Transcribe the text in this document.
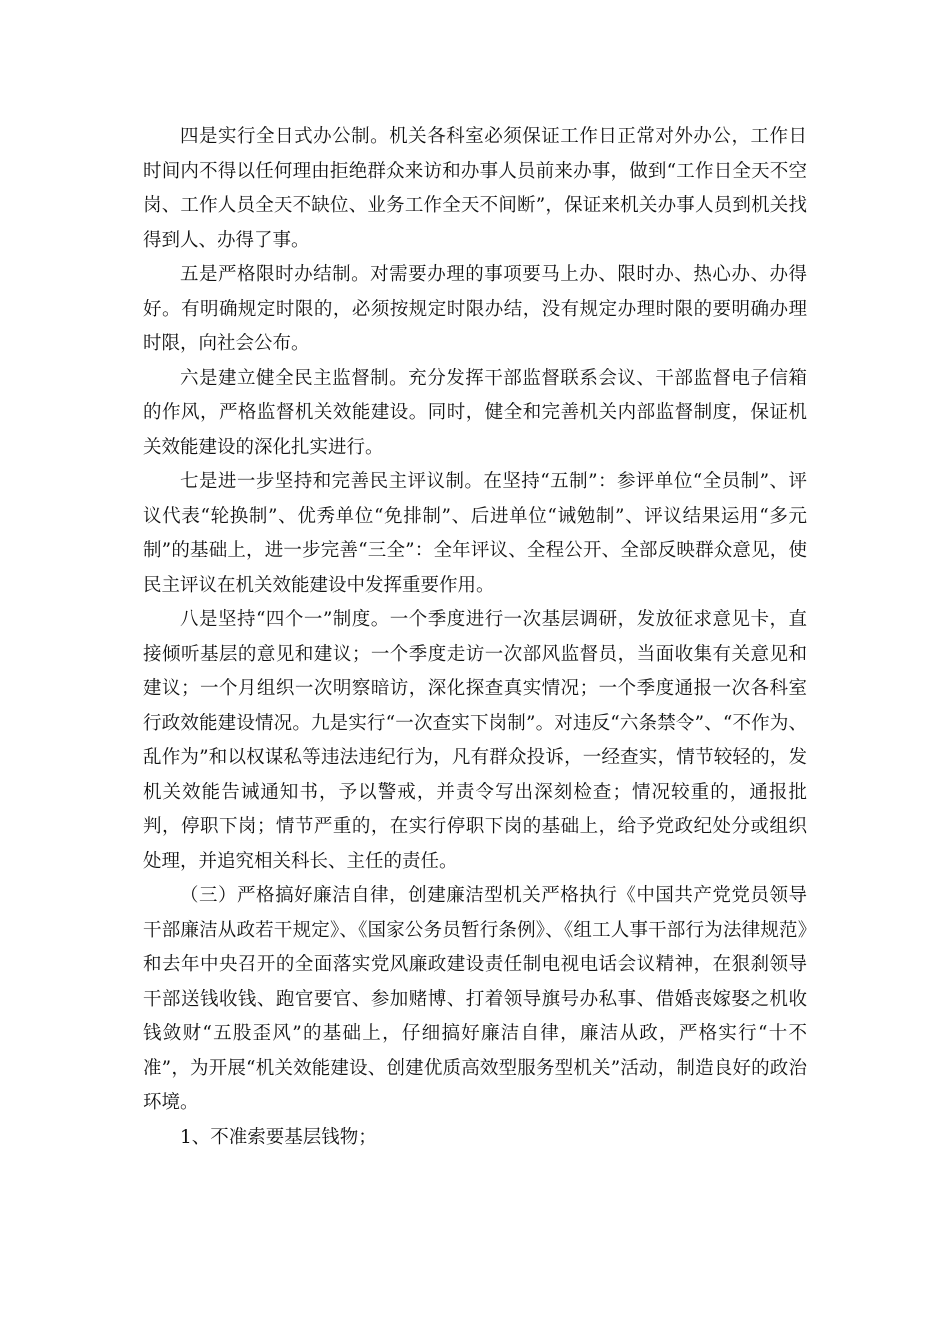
四是实行全日式办公制。机关各科室必须保证工作日正常对外办公，工作日时间内不得以任何理由拒绝群众来访和办事人员前来办事，做到“工作日全天不空岗、工作人员全天不缺位、业务工作全天不间断”，保证来机关办事人员到机关找得到人、办得了事。

五是严格限时办结制。对需要办理的事项要马上办、限时办、热心办、办得好。有明确规定时限的，必须按规定时限办结，没有规定办理时限的要明确办理时限，向社会公布。

六是建立健全民主监督制。充分发挥干部监督联系会议、干部监督电子信箱的作风，严格监督机关效能建设。同时，健全和完善机关内部监督制度，保证机关效能建设的深化扎实进行。

七是进一步坚持和完善民主评议制。在坚持“五制”：参评单位“全员制”、评议代表“轮换制”、优秀单位“免排制”、后进单位“诫勉制”、评议结果运用“多元制”的基础上，进一步完善“三全”：全年评议、全程公开、全部反映群众意见，使民主评议在机关效能建设中发挥重要作用。

八是坚持“四个一”制度。一个季度进行一次基层调研，发放征求意见卡，直接倾听基层的意见和建议；一个季度走访一次部风监督员，当面收集有关意见和建议；一个月组织一次明察暗访，深化探查真实情况；一个季度通报一次各科室行政效能建设情况。九是实行“一次查实下岗制”。对违反“六条禁令”、“不作为、乱作为”和以权谋私等违法违纪行为，凡有群众投诉，一经查实，情节较轻的，发机关效能告诫通知书，予以警戒，并责令写出深刻检查；情况较重的，通报批判，停职下岗；情节严重的，在实行停职下岗的基础上，给予党政纪处分或组织处理，并追究相关科长、主任的责任。

（三）严格搞好廉洁自律，创建廉洁型机关严格执行《中国共产党党员领导干部廉洁从政若干规定》、《国家公务员暂行条例》、《组工人事干部行为法律规范》和去年中央召开的全面落实党风廉政建设责任制电视电话会议精神，在狠刹领导干部送钱收钱、跑官要官、参加赌博、打着领导旗号办私事、借婚丧嫁娶之机收钱敛财“五股歪风”的基础上，仔细搞好廉洁自律，廉洁从政，严格实行“十不准”，为开展“机关效能建设、创建优质高效型服务型机关”活动，制造良好的政治环境。

1、不准索要基层钱物；
